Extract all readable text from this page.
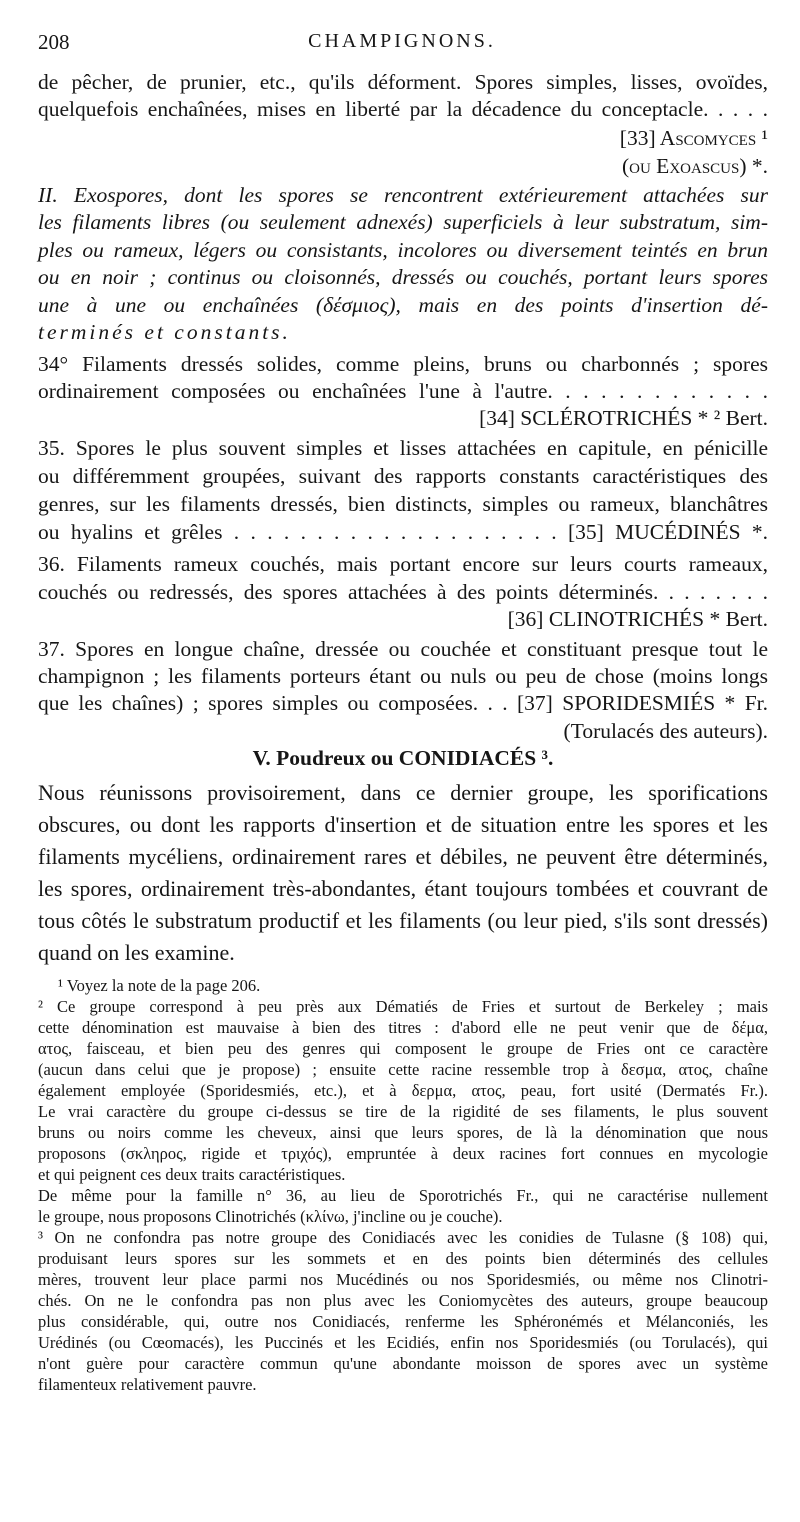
208	CHAMPIGNONS.
de pêcher, de prunier, etc., qu'ils déforment. Spores simples, lisses, ovoïdes,
quelquefois enchaînées, mises en liberté par la décadence du conceptacle. . . . .
[33] Ascomyces ¹
(ou Exoascus) *.
II. Exospores, dont les spores se rencontrent extérieurement attachées sur
les filaments libres (ou seulement adnexés) superficiels à leur substratum, sim-
ples ou rameux, légers ou consistants, incolores ou diversement teintés en brun
ou en noir ; continus ou cloisonnés, dressés ou couchés, portant leurs spores
une à une ou enchaînées (δέσμιος), mais en des points d'insertion dé-
terminés et constants.
34° Filaments dressés solides, comme pleins, bruns ou charbonnés ; spores
ordinairement composées ou enchaînées l'une à l'autre. . . . . . . . . . . . .
[34] SCLÉROTRICHÉS * ² Bert.
35. Spores le plus souvent simples et lisses attachées en capitule, en pénicille
ou différemment groupées, suivant des rapports constants caractéristiques des
genres, sur les filaments dressés, bien distincts, simples ou rameux, blanchâtres
ou hyalins et grêles . . . . . . . . . . . . . . . . . . . . [35] MUCÉDINÉS *.
36. Filaments rameux couchés, mais portant encore sur leurs courts rameaux,
couchés ou redressés, des spores attachées à des points déterminés. . . . . . . .
[36] CLINOTRICHÉS * Bert.
37. Spores en longue chaîne, dressée ou couchée et constituant presque tout le
champignon ; les filaments porteurs étant ou nuls ou peu de chose (moins longs
que les chaînes) ; spores simples ou composées. . . [37] SPORIDESMIÉS * Fr.
(Torulacés des auteurs).
V. Poudreux ou CONIDIACÉS ³.
Nous réunissons provisoirement, dans ce dernier groupe, les sporifications
obscures, ou dont les rapports d'insertion et de situation entre les spores et les
filaments mycéliens, ordinairement rares et débiles, ne peuvent être déterminés,
les spores, ordinairement très-abondantes, étant toujours tombées et couvrant de
tous côtés le substratum productif et les filaments (ou leur pied, s'ils sont dressés)
quand on les examine.
¹ Voyez la note de la page 206.
² Ce groupe correspond à peu près aux Dématiés de Fries et surtout de Berkeley ; mais
cette dénomination est mauvaise à bien des titres : d'abord elle ne peut venir que de δέμα,
ατος, faisceau, et bien peu des genres qui composent le groupe de Fries ont ce caractère
(aucun dans celui que je propose) ; ensuite cette racine ressemble trop à δεσμα, ατος, chaîne
également employée (Sporidesmiés, etc.), et à δερμα, ατος, peau, fort usité (Dermatés Fr.).
Le vrai caractère du groupe ci-dessus se tire de la rigidité de ses filaments, le plus souvent
bruns ou noirs comme les cheveux, ainsi que leurs spores, de là la dénomination que nous
proposons (σκληρος, rigide et τριχός), empruntée à deux racines fort connues en mycologie
et qui peignent ces deux traits caractéristiques.
De même pour la famille n° 36, au lieu de Sporotrichés Fr., qui ne caractérise nullement
le groupe, nous proposons Clinotrichés (κλίνω, j'incline ou je couche).
³ On ne confondra pas notre groupe des Conidiacés avec les conidies de Tulasne (§ 108) qui,
produisant leurs spores sur les sommets et en des points bien déterminés des cellules
mères, trouvent leur place parmi nos Mucédinés ou nos Sporidesmiés, ou même nos Clinotri-
chés. On ne le confondra pas non plus avec les Coniomycètes des auteurs, groupe beaucoup
plus considérable, qui, outre nos Conidiacés, renferme les Sphéronémés et Mélanconiés, les
Urédinés (ou Cœomacés), les Puccinés et les Ecidiés, enfin nos Sporidesmiés (ou Torulacés), qui
n'ont guère pour caractère commun qu'une abondante moisson de spores avec un système
filamenteux relativement pauvre.
